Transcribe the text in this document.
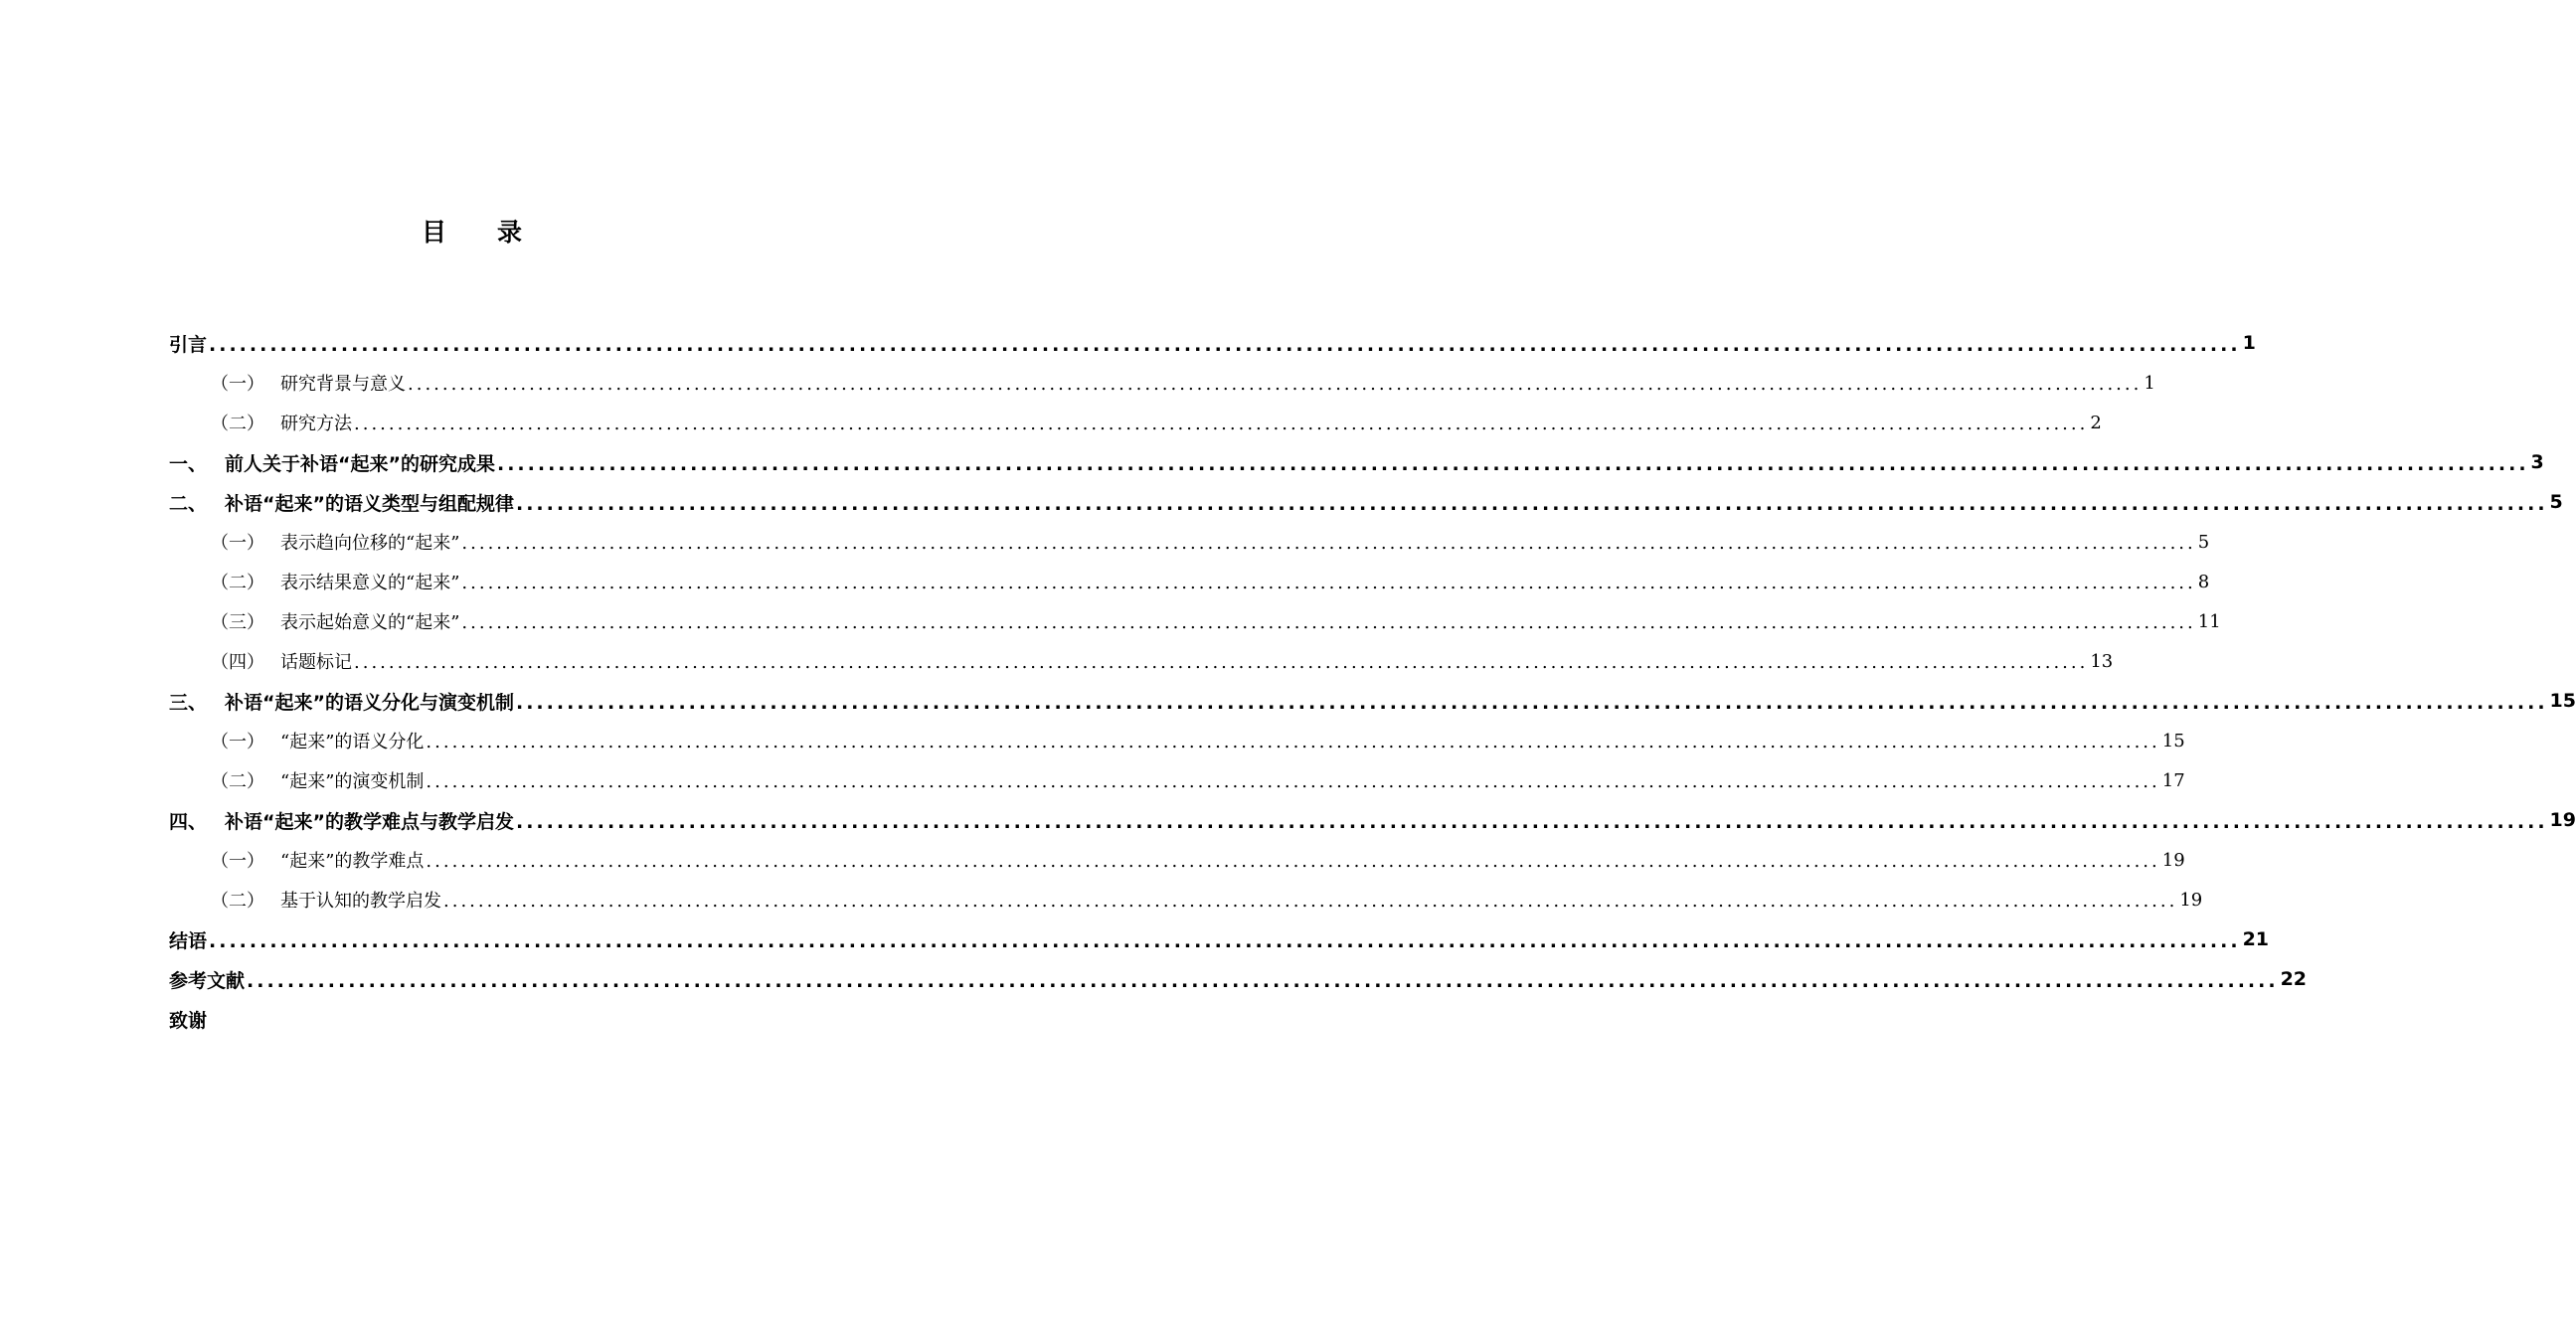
目 录
引言 ........................................................................................................................................................................................................ 1
（一） 研究背景与意义 ........................................................................................................................................................................................................ 1
（二） 研究方法 ........................................................................................................................................................................................................ 2
一、 前人关于补语“起来”的研究成果 ........................................................................................................................................................................................................ 3
二、 补语“起来”的语义类型与组配规律 ........................................................................................................................................................................................................ 5
（一） 表示趋向位移的“起来” ........................................................................................................................................................................................................ 5
（二） 表示结果意义的“起来” ........................................................................................................................................................................................................ 8
（三） 表示起始意义的“起来” ........................................................................................................................................................................................................ 11
（四） 话题标记 ........................................................................................................................................................................................................ 13
三、 补语“起来”的语义分化与演变机制 ........................................................................................................................................................................................................ 15
（一） “起来”的语义分化 ........................................................................................................................................................................................................ 15
（二） “起来”的演变机制 ........................................................................................................................................................................................................ 17
四、 补语“起来”的教学难点与教学启发 ........................................................................................................................................................................................................ 19
（一） “起来”的教学难点 ........................................................................................................................................................................................................ 19
（二） 基于认知的教学启发 ........................................................................................................................................................................................................ 19
结语 ........................................................................................................................................................................................................ 21
参考文献 ........................................................................................................................................................................................................ 22
致谢
